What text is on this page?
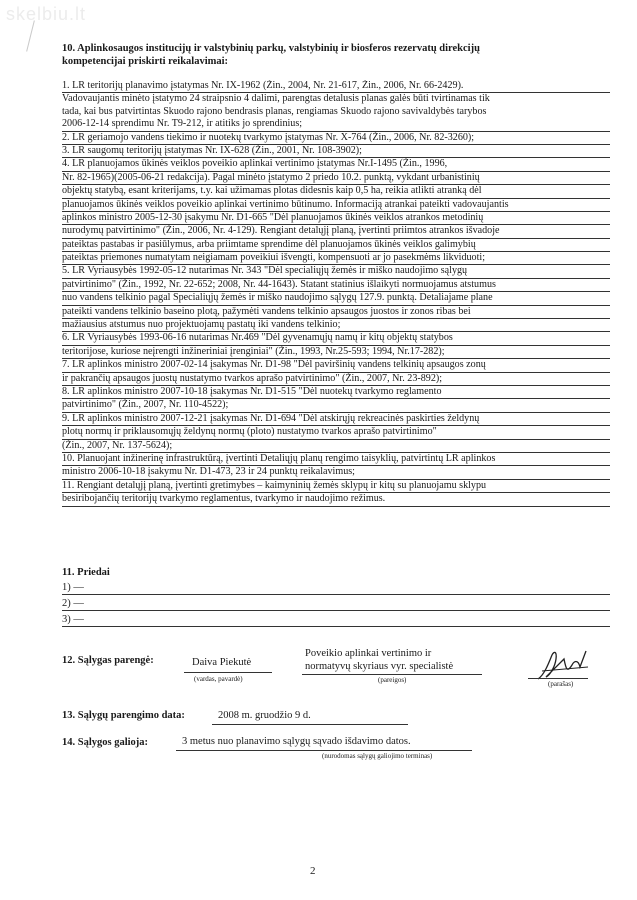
skelbiu.lt
10. Aplinkosaugos institucijų ir valstybinių parkų, valstybinių ir biosferos rezervatų direkcijų
kompetencijai priskirti reikalavimai:
1. LR teritorijų planavimo įstatymas Nr. IX-1962 (Žin., 2004, Nr. 21-617, Žin., 2006, Nr. 66-2429).
Vadovaujantis minėto įstatymo 24 straipsnio 4 dalimi, parengtas detalusis planas galės būti tvirtinamas tik
tada, kai bus patvirtintas Skuodo rajono bendrasis planas, rengiamas Skuodo rajono savivaldybės tarybos
2006-12-14 sprendimu Nr. T9-212, ir atitiks jo sprendinius;
2. LR geriamojo vandens tiekimo ir nuotekų tvarkymo įstatymas Nr. X-764 (Žin., 2006, Nr. 82-3260);
3. LR saugomų teritorijų įstatymas Nr. IX-628 (Žin., 2001, Nr. 108-3902);
4. LR planuojamos ūkinės veiklos poveikio aplinkai vertinimo įstatymas Nr.I-1495 (Žin., 1996,
Nr. 82-1965)(2005-06-21 redakcija). Pagal minėto įstatymo 2 priedo 10.2. punktą, vykdant urbanistinių
objektų statybą, esant kriterijams, t.y. kai užimamas plotas didesnis kaip 0,5 ha, reikia atlikti atranką dėl
planuojamos ūkinės veiklos poveikio aplinkai vertinimo būtinumo. Informaciją atrankai pateikti vadovaujantis
aplinkos ministro 2005-12-30 įsakymu Nr. D1-665 "Dėl planuojamos ūkinės veiklos atrankos metodinių
nurodymų patvirtinimo" (Žin., 2006, Nr. 4-129). Rengiant detalųjį planą, įvertinti priimtos atrankos išvadoje
pateiktas pastabas ir pasiūlymus, arba priimtame sprendime dėl planuojamos ūkinės veiklos galimybių
pateiktas priemones numatytam neigiamam poveikiui išvengti, kompensuoti ar jo pasekmėms likviduoti;
5. LR Vyriausybės 1992-05-12 nutarimas Nr. 343 "Dėl specialiųjų žemės ir miško naudojimo sąlygų
patvirtinimo" (Žin., 1992, Nr. 22-652; 2008, Nr. 44-1643). Statant statinius išlaikyti normuojamus atstumus
nuo vandens telkinio pagal Specialiųjų žemės ir miško naudojimo sąlygų 127.9. punktą. Detaliajame plane
pateikti vandens telkinio baseino plotą, pažymėti vandens telkinio apsaugos juostos ir zonos ribas bei
mažiausius atstumus nuo projektuojamų pastatų iki vandens telkinio;
6. LR Vyriausybės 1993-06-16 nutarimas Nr.469 "Dėl gyvenamųjų namų ir kitų objektų statybos
teritorijose, kuriose neįrengti inžineriniai įrenginiai" (Žin., 1993, Nr.25-593; 1994, Nr.17-282);
7. LR aplinkos ministro 2007-02-14 įsakymas Nr. D1-98 "Dėl paviršinių vandens telkinių apsaugos zonų
ir pakrančių apsaugos juostų nustatymo tvarkos aprašo patvirtinimo" (Žin., 2007, Nr. 23-892);
8. LR aplinkos ministro 2007-10-18 įsakymas Nr. D1-515 "Dėl nuotekų tvarkymo reglamento
patvirtinimo" (Žin., 2007, Nr. 110-4522);
9. LR aplinkos ministro 2007-12-21 įsakymas Nr. D1-694 "Dėl atskirųjų rekreacinės paskirties želdynų
plotų normų ir priklausomųjų želdynų normų (ploto) nustatymo tvarkos aprašo patvirtinimo"
(Žin., 2007, Nr. 137-5624);
10. Planuojant inžinerinę infrastruktūrą, įvertinti Detaliųjų planų rengimo taisyklių, patvirtintų LR aplinkos
ministro 2006-10-18 įsakymu Nr. D1-473, 23 ir 24 punktų reikalavimus;
11. Rengiant detalųjį planą, įvertinti gretimybes – kaimyninių žemės sklypų ir kitų su planuojamu sklypu
besiribojančių teritorijų tvarkymo reglamentus, tvarkymo ir naudojimo režimus.
11. Priedai
1) —
2) —
3) —
12. Sąlygas parengė:	Daiva Piekutė
(vardas, pavardė)
Poveikio aplinkai vertinimo ir
normatyvų skyriaus vyr. specialistė
(pareigos)	(parašas)
13. Sąlygų parengimo data:	2008 m. gruodžio 9 d.
14. Sąlygos galioja:	3 metus nuo planavimo sąlygų sąvado išdavimo datos.
(nurodomas sąlygų galiojimo terminas)
2
